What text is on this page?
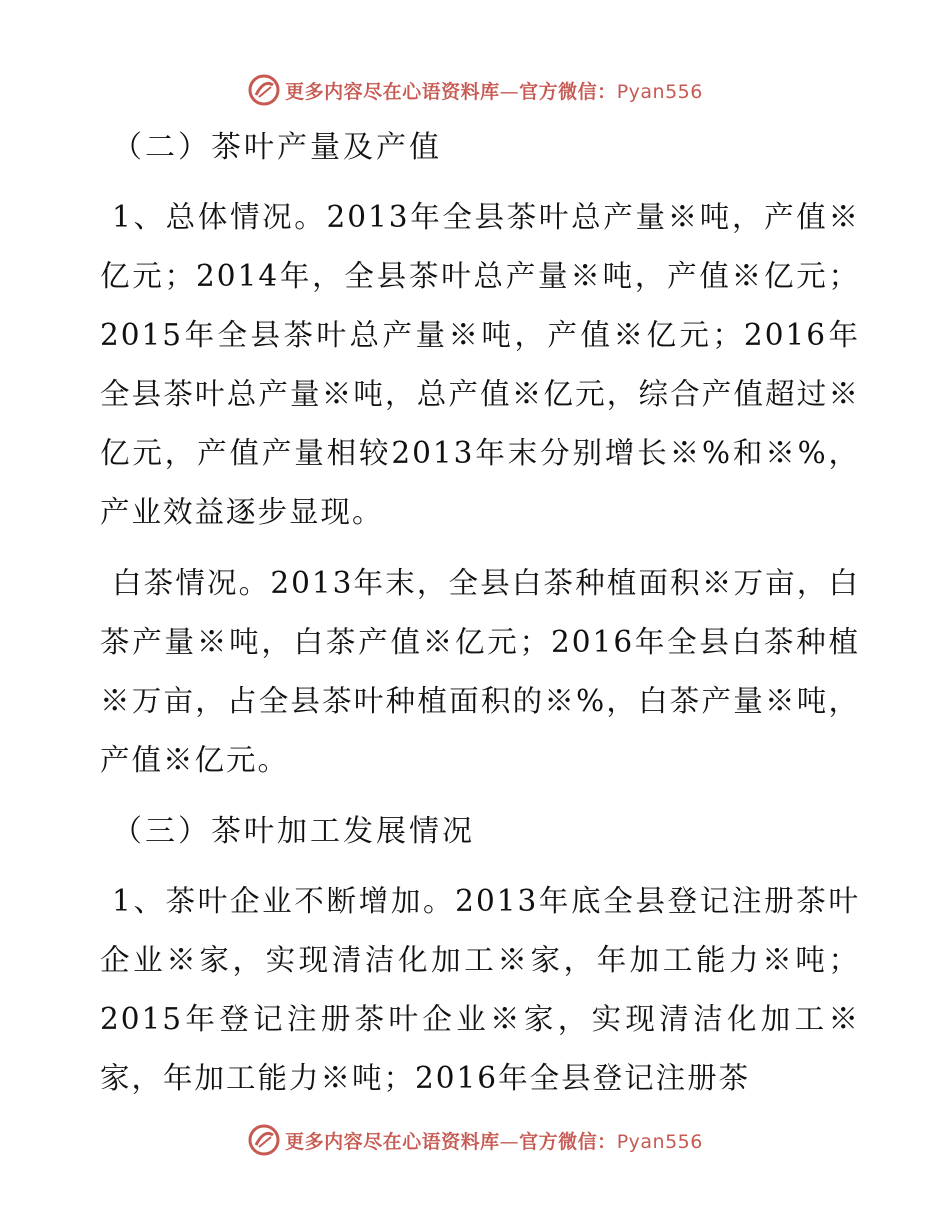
更多内容尽在心语资料库—官方微信：Pyan556
（二）茶叶产量及产值

1、总体情况。2013年全县茶叶总产量※吨，产值※亿元；2014年，全县茶叶总产量※吨，产值※亿元；2015年全县茶叶总产量※吨，产值※亿元；2016年全县茶叶总产量※吨，总产值※亿元，综合产值超过※亿元，产值产量相较2013年末分别增长※%和※%，产业效益逐步显现。

白茶情况。2013年末，全县白茶种植面积※万亩，白茶产量※吨，白茶产值※亿元；2016年全县白茶种植※万亩，占全县茶叶种植面积的※%，白茶产量※吨，产值※亿元。

（三）茶叶加工发展情况

1、茶叶企业不断增加。2013年底全县登记注册茶叶企业※家，实现清洁化加工※家，年加工能力※吨；2015年登记注册茶叶企业※家，实现清洁化加工※家，年加工能力※吨；2016年全县登记注册茶

更多内容尽在心语资料库—官方微信：Pyan556
